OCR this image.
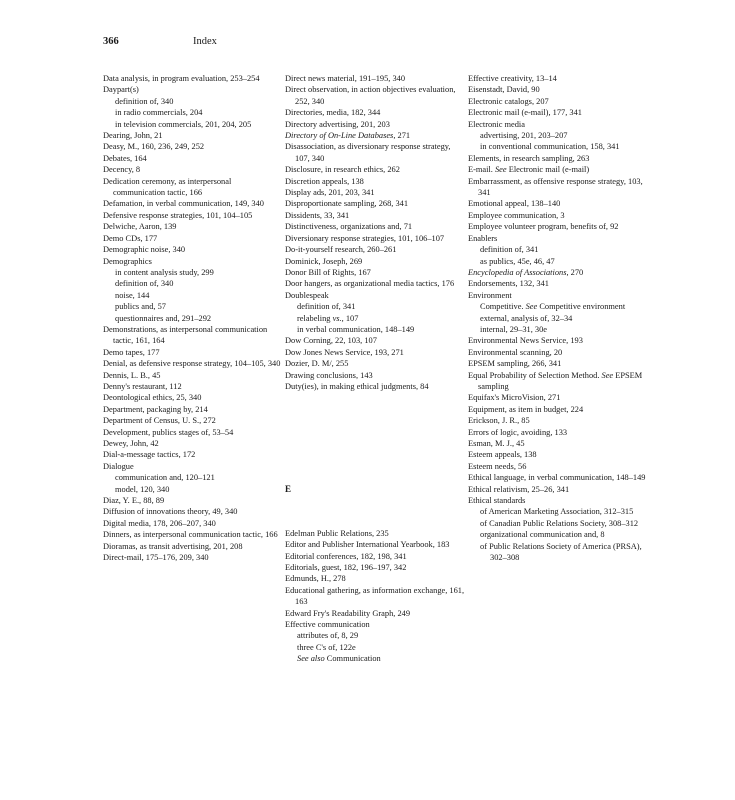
366	Index

Data analysis, in program evaluation, 253–254

Daypart(s)

definition of, 340

in radio commercials, 204

in television commercials, 201, 204, 205

Dearing, John, 21

Deasy, M., 160, 236, 249, 252

Debates, 164

Decency, 8

Dedication ceremony, as interpersonal communication tactic, 166

Defamation, in verbal communication, 149, 340

Defensive response strategies, 101, 104–105

Delwiche, Aaron, 139

Demo CDs, 177

Demographic noise, 340

Demographics

in content analysis study, 299

definition of, 340

noise, 144

publics and, 57

questionnaires and, 291–292

Demonstrations, as interpersonal communication tactic, 161, 164

Demo tapes, 177

Denial, as defensive response strategy, 104–105, 340

Dennis, L. B., 45

Denny's restaurant, 112

Deontological ethics, 25, 340

Department, packaging by, 214

Department of Census, U. S., 272

Development, publics stages of, 53–54

Dewey, John, 42

Dial-a-message tactics, 172

Dialogue

communication and, 120–121

model, 120, 340

Diaz, Y. E., 88, 89

Diffusion of innovations theory, 49, 340

Digital media, 178, 206–207, 340

Dinners, as interpersonal communication tactic, 166

Dioramas, as transit advertising, 201, 208

Direct-mail, 175–176, 209, 340

Direct news material, 191–195, 340

Direct observation, in action objectives evaluation, 252, 340

Directories, media, 182, 344

Directory advertising, 201, 203

Directory of On-Line Databases, 271

Disassociation, as diversionary response strategy, 107, 340

Disclosure, in research ethics, 262

Discretion appeals, 138

Display ads, 201, 203, 341

Disproportionate sampling, 268, 341

Dissidents, 33, 341

Distinctiveness, organizations and, 71

Diversionary response strategies, 101, 106–107

Do-it-yourself research, 260–261

Dominick, Joseph, 269

Donor Bill of Rights, 167

Door hangers, as organizational media tactics, 176

Doublespeak

definition of, 341

relabeling vs., 107

in verbal communication, 148–149

Dow Corning, 22, 103, 107

Dow Jones News Service, 193, 271

Dozier, D. M/, 255

Drawing conclusions, 143

Duty(ies), in making ethical judgments, 84

E

Edelman Public Relations, 235

Editor and Publisher International Yearbook, 183

Editorial conferences, 182, 198, 341

Editorials, guest, 182, 196–197, 342

Edmunds, H., 278

Educational gathering, as information exchange, 161, 163

Edward Fry's Readability Graph, 249

Effective communication

attributes of, 8, 29

three C's of, 122e

See also Communication

Effective creativity, 13–14

Eisenstadt, David, 90

Electronic catalogs, 207

Electronic mail (e-mail), 177, 341

Electronic media

advertising, 201, 203–207

in conventional communication, 158, 341

Elements, in research sampling, 263

E-mail. See Electronic mail (e-mail)

Embarrassment, as offensive response strategy, 103, 341

Emotional appeal, 138–140

Employee communication, 3

Employee volunteer program, benefits of, 92

Enablers

definition of, 341

as publics, 45e, 46, 47

Encyclopedia of Associations, 270

Endorsements, 132, 341

Environment

Competitive. See Competitive environment

external, analysis of, 32–34

internal, 29–31, 30e

Environmental News Service, 193

Environmental scanning, 20

EPSEM sampling, 266, 341

Equal Probability of Selection Method. See EPSEM sampling

Equifax's MicroVision, 271

Equipment, as item in budget, 224

Erickson, J. R., 85

Errors of logic, avoiding, 133

Esman, M. J., 45

Esteem appeals, 138

Esteem needs, 56

Ethical language, in verbal communication, 148–149

Ethical relativism, 25–26, 341

Ethical standards

of American Marketing Association, 312–315

of Canadian Public Relations Society, 308–312

organizational communication and, 8

of Public Relations Society of America (PRSA), 302–308
